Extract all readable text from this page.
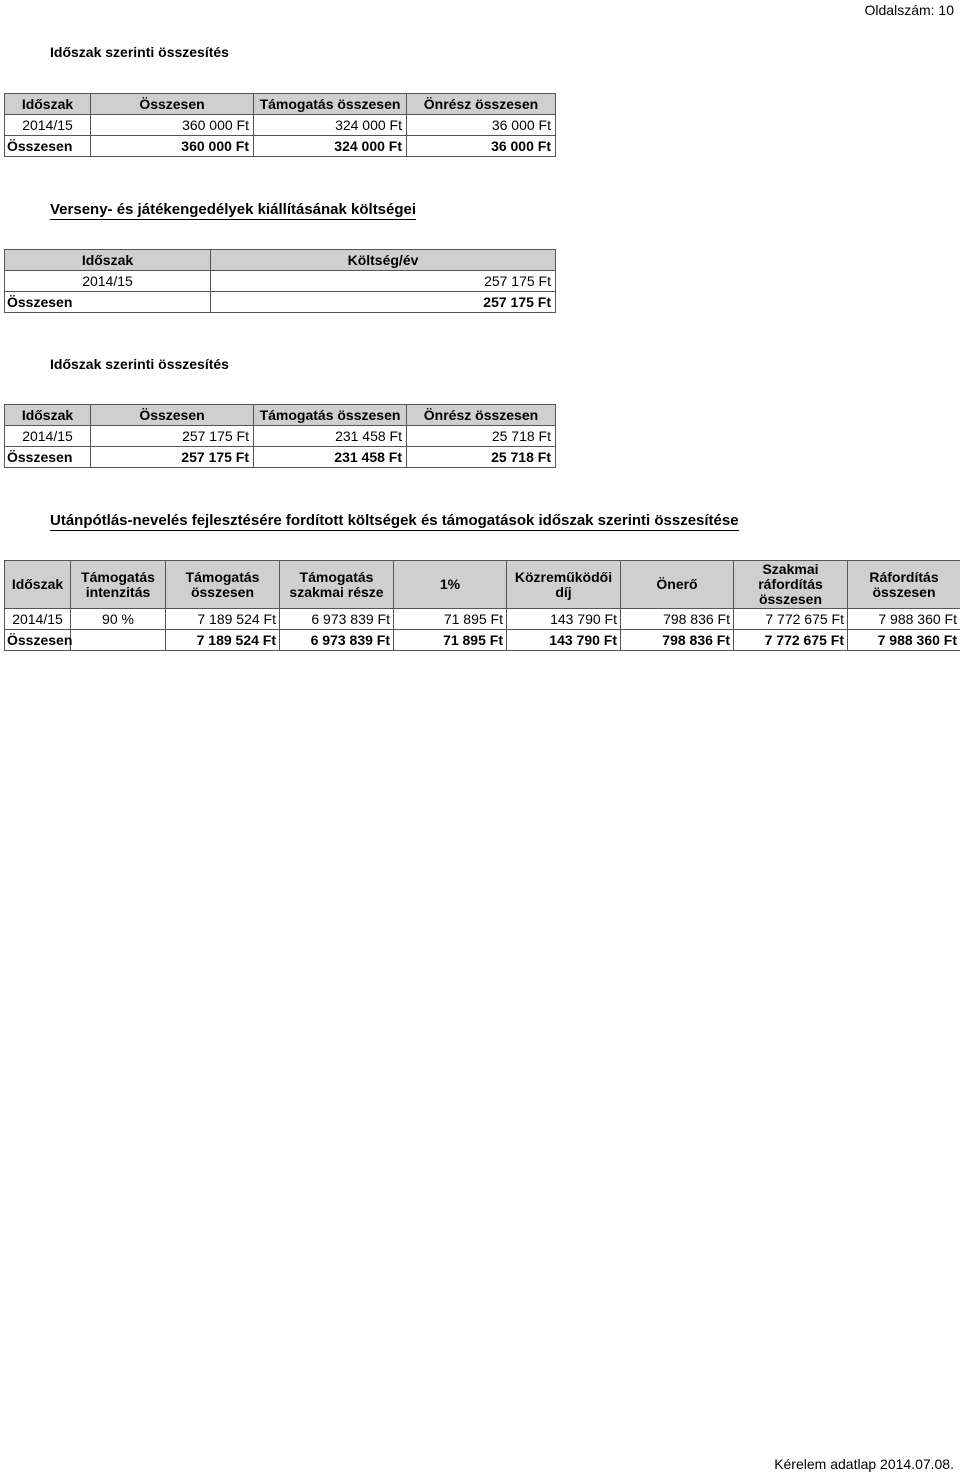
Oldalszám: 10
Időszak szerinti összesítés
Időszak	Összesen	Támogatás összesen	Önrész összesen
2014/15	360 000 Ft	324 000 Ft	36 000 Ft
Összesen	360 000 Ft	324 000 Ft	36 000 Ft
Verseny- és játékengedélyek kiállításának költségei
Időszak	Költség/év
2014/15	257 175 Ft
Összesen	257 175 Ft
Időszak szerinti összesítés
Időszak	Összesen	Támogatás összesen	Önrész összesen
2014/15	257 175 Ft	231 458 Ft	25 718 Ft
Összesen	257 175 Ft	231 458 Ft	25 718 Ft
Utánpótlás-nevelés fejlesztésére fordított költségek és támogatások időszak szerinti összesítése
Időszak	Támogatás intenzitás	Támogatás összesen	Támogatás szakmai része	1%	Közreműködői díj	Önerő	Szakmai ráfordítás összesen	Ráfordítás összesen
2014/15	90 %	7 189 524 Ft	6 973 839 Ft	71 895 Ft	143 790 Ft	798 836 Ft	7 772 675 Ft	7 988 360 Ft
Összesen		7 189 524 Ft	6 973 839 Ft	71 895 Ft	143 790 Ft	798 836 Ft	7 772 675 Ft	7 988 360 Ft
Kérelem adatlap 2014.07.08.
